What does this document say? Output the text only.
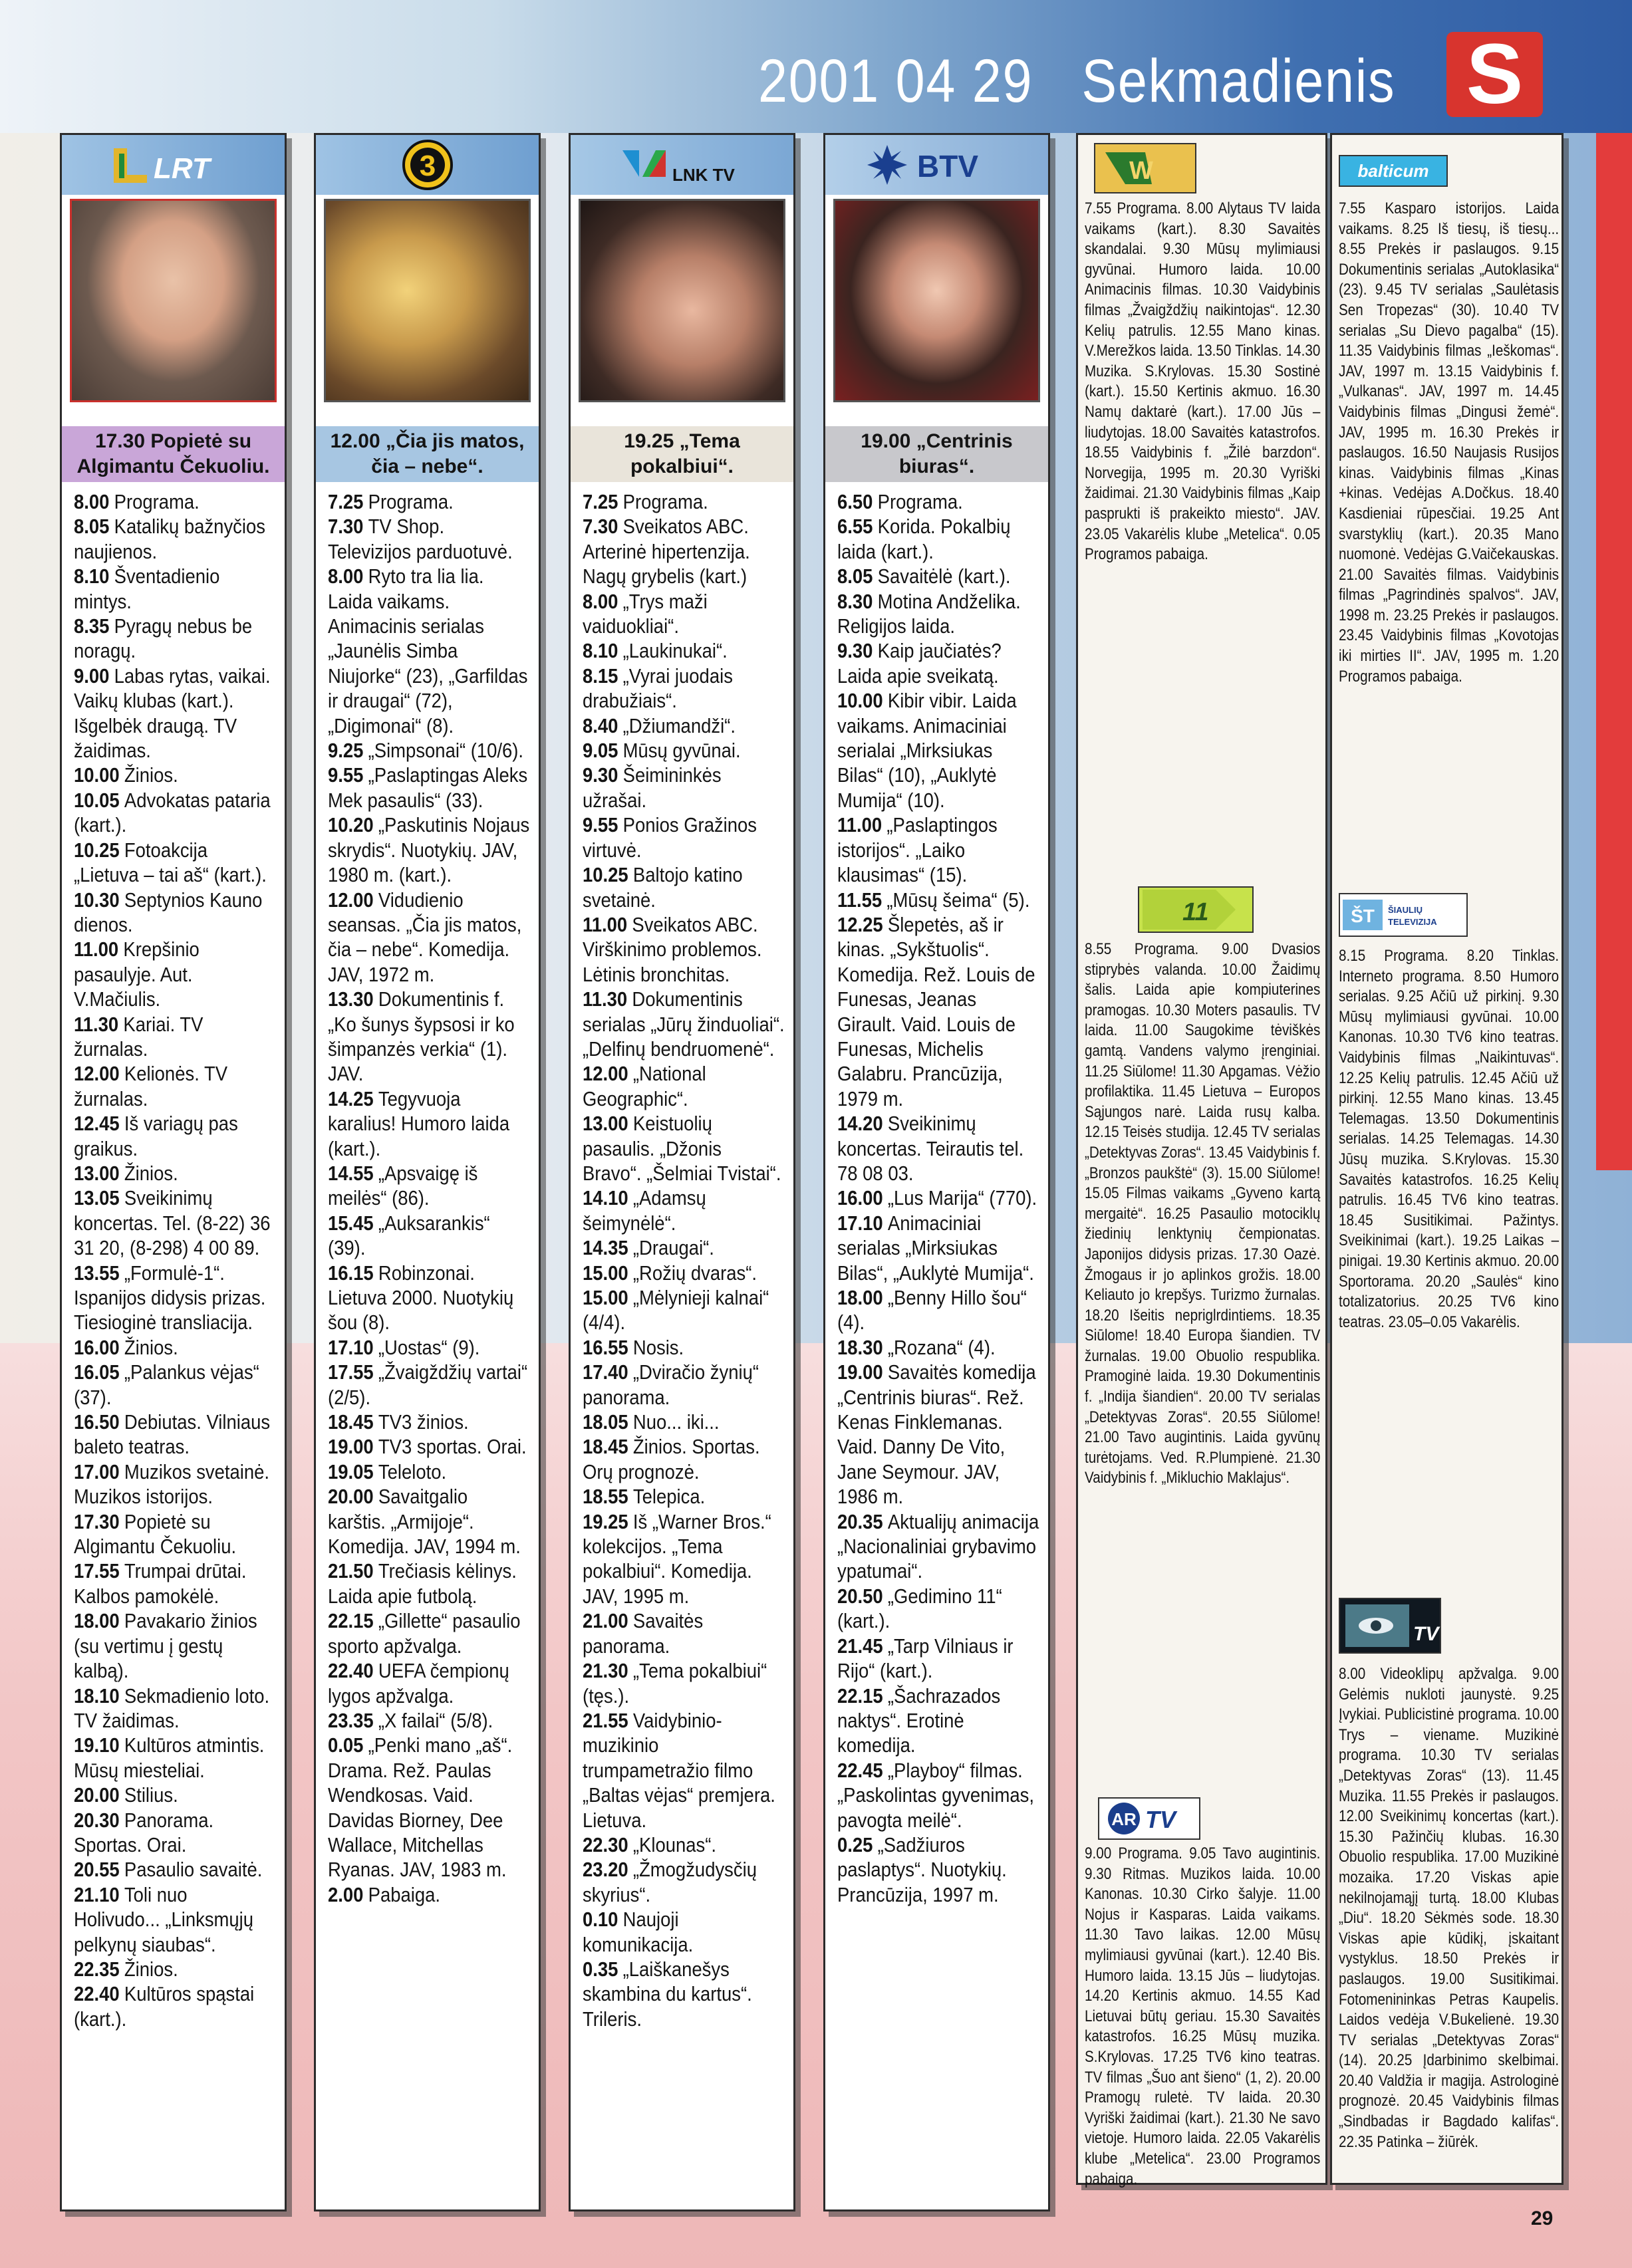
2001 04 29 Sekmadienis S
LRT
17.30 Popietė su Algimantu Čekuoliu.
8.00 Programa.
8.05 Katalikų bažnyčios naujienos.
8.10 Šventadienio mintys.
8.35 Pyragų nebus be noragų.
9.00 Labas rytas, vaikai. Vaikų klubas (kart.). Išgelbėk draugą. TV žaidimas.
10.00 Žinios.
10.05 Advokatas pataria (kart.).
10.25 Fotoakcija „Lietuva – tai aš“ (kart.).
10.30 Septynios Kauno dienos.
11.00 Krepšinio pasaulyje. Aut. V.Mačiulis.
11.30 Kariai. TV žurnalas.
12.00 Kelionės. TV žurnalas.
12.45 Iš variagų pas graikus.
13.00 Žinios.
13.05 Sveikinimų koncertas. Tel. (8-22) 36 31 20, (8-298) 4 00 89.
13.55 „Formulė-1“. Ispanijos didysis prizas. Tiesioginė transliacija.
16.00 Žinios.
16.05 „Palankus vėjas“ (37).
16.50 Debiutas. Vilniaus baleto teatras.
17.00 Muzikos svetainė. Muzikos istorijos.
17.30 Popietė su Algimantu Čekuoliu.
17.55 Trumpai drūtai. Kalbos pamokėlė.
18.00 Pavakario žinios (su vertimu į gestų kalbą).
18.10 Sekmadienio loto. TV žaidimas.
19.10 Kultūros atmintis. Mūsų miesteliai.
20.00 Stilius.
20.30 Panorama. Sportas. Orai.
20.55 Pasaulio savaitė.
21.10 Toli nuo Holivudo... „Linksmųjų pelkynų siaubas“.
22.35 Žinios.
22.40 Kultūros spąstai (kart.).
3
12.00 „Čia jis matos, čia – nebe“.
7.25 Programa.
7.30 TV Shop. Televizijos parduotuvė.
8.00 Ryto tra lia lia. Laida vaikams. Animacinis serialas „Jaunėlis Simba Niujorke“ (23), „Garfildas ir draugai“ (72), „Digimonai“ (8).
9.25 „Simpsonai“ (10/6).
9.55 „Paslaptingas Aleks Mek pasaulis“ (33).
10.20 „Paskutinis Nojaus skrydis“. Nuotykių. JAV, 1980 m. (kart.).
12.00 Vidudienio seansas. „Čia jis matos, čia – nebe“. Komedija. JAV, 1972 m.
13.30 Dokumentinis f. „Ko šunys šypsosi ir ko šimpanzės verkia“ (1). JAV.
14.25 Tegyvuoja karalius! Humoro laida (kart.).
14.55 „Apsvaigę iš meilės“ (86).
15.45 „Auksarankis“ (39).
16.15 Robinzonai. Lietuva 2000. Nuotykių šou (8).
17.10 „Uostas“ (9).
17.55 „Žvaigždžių vartai“ (2/5).
18.45 TV3 žinios.
19.00 TV3 sportas. Orai.
19.05 Teleloto.
20.00 Savaitgalio karštis. „Armijoje“. Komedija. JAV, 1994 m.
21.50 Trečiasis kėlinys. Laida apie futbolą.
22.15 „Gillette“ pasaulio sporto apžvalga.
22.40 UEFA čempionų lygos apžvalga.
23.35 „X failai“ (5/8).
0.05 „Penki mano „aš“. Drama. Rež. Paulas Wendkosas. Vaid. Davidas Biorney, Dee Wallace, Mitchellas Ryanas. JAV, 1983 m.
2.00 Pabaiga.
LNK TV
19.25 „Tema pokalbiui“.
7.25 Programa.
7.30 Sveikatos ABC. Arterinė hipertenzija. Nagų grybelis (kart.)
8.00 „Trys maži vaiduokliai“.
8.10 „Laukinukai“.
8.15 „Vyrai juodais drabužiais“.
8.40 „Džiumandži“.
9.05 Mūsų gyvūnai.
9.30 Šeimininkės užrašai.
9.55 Ponios Gražinos virtuvė.
10.25 Baltojo katino svetainė.
11.00 Sveikatos ABC. Virškinimo problemos. Lėtinis bronchitas.
11.30 Dokumentinis serialas „Jūrų žinduoliai“. „Delfinų bendruomenė“.
12.00 „National Geographic“.
13.00 Keistuolių pasaulis. „Džonis Bravo“. „Šelmiai Tvistai“.
14.10 „Adamsų šeimynėlė“.
14.35 „Draugai“.
15.00 „Rožių dvaras“.
15.00 „Mėlynieji kalnai“ (4/4).
16.55 Nosis.
17.40 „Dviračio žynių“ panorama.
18.05 Nuo... iki...
18.45 Žinios. Sportas. Orų prognozė.
18.55 Telepica.
19.25 Iš „Warner Bros.“ kolekcijos. „Tema pokalbiui“. Komedija. JAV, 1995 m.
21.00 Savaitės panorama.
21.30 „Tema pokalbiui“ (tęs.).
21.55 Vaidybinio-muzikinio trumpametražio filmo „Baltas vėjas“ premjera. Lietuva.
22.30 „Klounas“.
23.20 „Žmogžudysčių skyrius“.
0.10 Naujoji komunikacija.
0.35 „Laiškanešys skambina du kartus“. Trileris.
BTV
19.00 „Centrinis biuras“.
6.50 Programa.
6.55 Korida. Pokalbių laida (kart.).
8.05 Savaitėlė (kart.).
8.30 Motina Andželika. Religijos laida.
9.30 Kaip jaučiatės? Laida apie sveikatą.
10.00 Kibir vibir. Laida vaikams. Animaciniai serialai „Mirksiukas Bilas“ (10), „Auklytė Mumija“ (10).
11.00 „Paslaptingos istorijos“. „Laiko klausimas“ (15).
11.55 „Mūsų šeima“ (5).
12.25 Šlepetės, aš ir kinas. „Sykštuolis“. Komedija. Rež. Louis de Funesas, Jeanas Girault. Vaid. Louis de Funesas, Michelis Galabru. Prancūzija, 1979 m.
14.20 Sveikinimų koncertas. Teirautis tel. 78 08 03.
16.00 „Lus Marija“ (770).
17.10 Animaciniai serialas „Mirksiukas Bilas“, „Auklytė Mumija“.
18.00 „Benny Hillo šou“ (4).
18.30 „Rozana“ (4).
19.00 Savaitės komedija „Centrinis biuras“. Rež. Kenas Finklemanas. Vaid. Danny De Vito, Jane Seymour. JAV, 1986 m.
20.35 Aktualijų animacija „Nacionaliniai grybavimo ypatumai“.
20.50 „Gedimino 11“ (kart.).
21.45 „Tarp Vilniaus ir Rijo“ (kart.).
22.15 „Šachrazados naktys“. Erotinė komedija.
22.45 „Playboy“ filmas. „Paskolintas gyvenimas, pavogta meilė“.
0.25 „Sadžiuros paslaptys“. Nuotykių. Prancūzija, 1997 m.
W
7.55 Programa. 8.00 Alytaus TV laida vaikams (kart.). 8.30 Savaitės skandalai. 9.30 Mūsų mylimiausi gyvūnai. Humoro laida. 10.00 Animacinis filmas. 10.30 Vaidybinis filmas „Žvaigždžių naikintojas“. 12.30 Kelių patrulis. 12.55 Mano kinas. V.Merežkos laida. 13.50 Tinklas. 14.30 Muzika. S.Krylovas. 15.30 Sostinė (kart.). 15.50 Kertinis akmuo. 16.30 Namų daktarė (kart.). 17.00 Jūs – liudytojas. 18.00 Savaitės katastrofos. 18.55 Vaidybinis f. „Žilė barzdon“. Norvegija, 1995 m. 20.30 Vyriški žaidimai. 21.30 Vaidybinis filmas „Kaip pasprukti iš prakeikto miesto“. JAV. 23.05 Vakarėlis klube „Metelica“. 0.05 Programos pabaiga.
11
8.55 Programa. 9.00 Dvasios stiprybės valanda. 10.00 Žaidimų šalis. Laida apie kompiuterines pramogas. 10.30 Moters pasaulis. TV laida. 11.00 Saugokime tėviškės gamtą. Vandens valymo įrenginiai. 11.25 Siūlome! 11.30 Apgamas. Vėžio profilaktika. 11.45 Lietuva – Europos Sąjungos narė. Laida rusų kalba. 12.15 Teisės studija. 12.45 TV serialas „Detektyvas Zoras“. 13.45 Vaidybinis f. „Bronzos paukštė“ (3). 15.00 Siūlome! 15.05 Filmas vaikams „Gyveno kartą mergaitė“. 16.25 Pasaulio motociklų žiedinių lenktynių čempionatas. Japonijos didysis prizas. 17.30 Oazė. Žmogaus ir jo aplinkos grožis. 18.00 Keliauto jo krepšys. Turizmo žurnalas. 18.20 Išeitis nepriglrdintiems. 18.35 Siūlome! 18.40 Europa šiandien. TV žurnalas. 19.00 Obuolio respublika. Pramoginė laida. 19.30 Dokumentinis f. „Indija šiandien“. 20.00 TV serialas „Detektyvas Zoras“. 20.55 Siūlome! 21.00 Tavo augintinis. Laida gyvūnų turėtojams. Ved. R.Plumpienė. 21.30 Vaidybinis f. „Mikluchio Maklajus“.
AR TV
9.00 Programa. 9.05 Tavo augintinis. 9.30 Ritmas. Muzikos laida. 10.00 Kanonas. 10.30 Cirko šalyje. 11.00 Nojus ir Kasparas. Laida vaikams. 11.30 Tavo laikas. 12.00 Mūsų mylimiausi gyvūnai (kart.). 12.40 Bis. Humoro laida. 13.15 Jūs – liudytojas. 14.20 Kertinis akmuo. 14.55 Kad Lietuvai būtų geriau. 15.30 Savaitės katastrofos. 16.25 Mūsų muzika. S.Krylovas. 17.25 TV6 kino teatras. TV filmas „Šuo ant šieno“ (1, 2). 20.00 Pramogų ruletė. TV laida. 20.30 Vyriški žaidimai (kart.). 21.30 Ne savo vietoje. Humoro laida. 22.05 Vakarėlis klube „Metelica“. 23.00 Programos pabaiga.
balticum
7.55 Kasparo istorijos. Laida vaikams. 8.25 Iš tiesų, iš tiesų... 8.55 Prekės ir paslaugos. 9.15 Dokumentinis serialas „Autoklasika“ (23). 9.45 TV serialas „Saulėtasis Sen Tropezas“ (30). 10.40 TV serialas „Su Dievo pagalba“ (15). 11.35 Vaidybinis filmas „Ieškomas“. JAV, 1997 m. 13.15 Vaidybinis f. „Vulkanas“. JAV, 1997 m. 14.45 Vaidybinis filmas „Dingusi žemė“. JAV, 1995 m. 16.30 Prekės ir paslaugos. 16.50 Naujasis Rusijos kinas. Vaidybinis filmas „Kinas +kinas. Vedėjas A.Dočkus. 18.40 Kasdieniai rūpesčiai. 19.25 Ant svarstyklių (kart.). 20.35 Mano nuomonė. Vedėjas G.Vaičekauskas. 21.00 Savaitės filmas. Vaidybinis filmas „Pagrindinės spalvos“. JAV, 1998 m. 23.25 Prekės ir paslaugos. 23.45 Vaidybinis filmas „Kovotojas iki mirties II“. JAV, 1995 m. 1.20 Programos pabaiga.
ŠT ŠIAULIŲ
TELEVIZIJA
8.15 Programa. 8.20 Tinklas. Interneto programa. 8.50 Humoro serialas. 9.25 Ačiū už pirkinį. 9.30 Mūsų mylimiausi gyvūnai. 10.00 Kanonas. 10.30 TV6 kino teatras. Vaidybinis filmas „Naikintuvas“. 12.25 Kelių patrulis. 12.45 Ačiū už pirkinį. 12.55 Mano kinas. 13.45 Telemagas. 13.50 Dokumentinis serialas. 14.25 Telemagas. 14.30 Jūsų muzika. S.Krylovas. 15.30 Savaitės katastrofos. 16.25 Kelių patrulis. 16.45 TV6 kino teatras. 18.45 Susitikimai. Pažintys. Sveikinimai (kart.). 19.25 Laikas – pinigai. 19.30 Kertinis akmuo. 20.00 Sportorama. 20.20 „Saulės“ kino totalizatorius. 20.25 TV6 kino teatras. 23.05–0.05 Vakarėlis.
TV
8.00 Videoklipų apžvalga. 9.00 Gelėmis nukloti jaunystė. 9.25 Įvykiai. Publicistinė programa. 10.00 Trys – viename. Muzikinė programa. 10.30 TV serialas „Detektyvas Zoras“ (13). 11.45 Muzika. 11.55 Prekės ir paslaugos. 12.00 Sveikinimų koncertas (kart.). 15.30 Pažinčių klubas. 16.30 Obuolio respublika. 17.00 Muzikinė mozaika. 17.20 Viskas apie nekilnojamąjį turtą. 18.00 Klubas „Diu“. 18.20 Sėkmės sode. 18.30 Viskas apie kūdikį, įskaitant vystyklus. 18.50 Prekės ir paslaugos. 19.00 Susitikimai. Fotomenininkas Petras Kaupelis. Laidos vedėja V.Bukelienė. 19.30 TV serialas „Detektyvas Zoras“ (14). 20.25 Įdarbinimo skelbimai. 20.40 Valdžia ir magija. Astrologinė prognozė. 20.45 Vaidybinis filmas „Sindbadas ir Bagdado kalifas“. 22.35 Patinka – žiūrėk.
29
